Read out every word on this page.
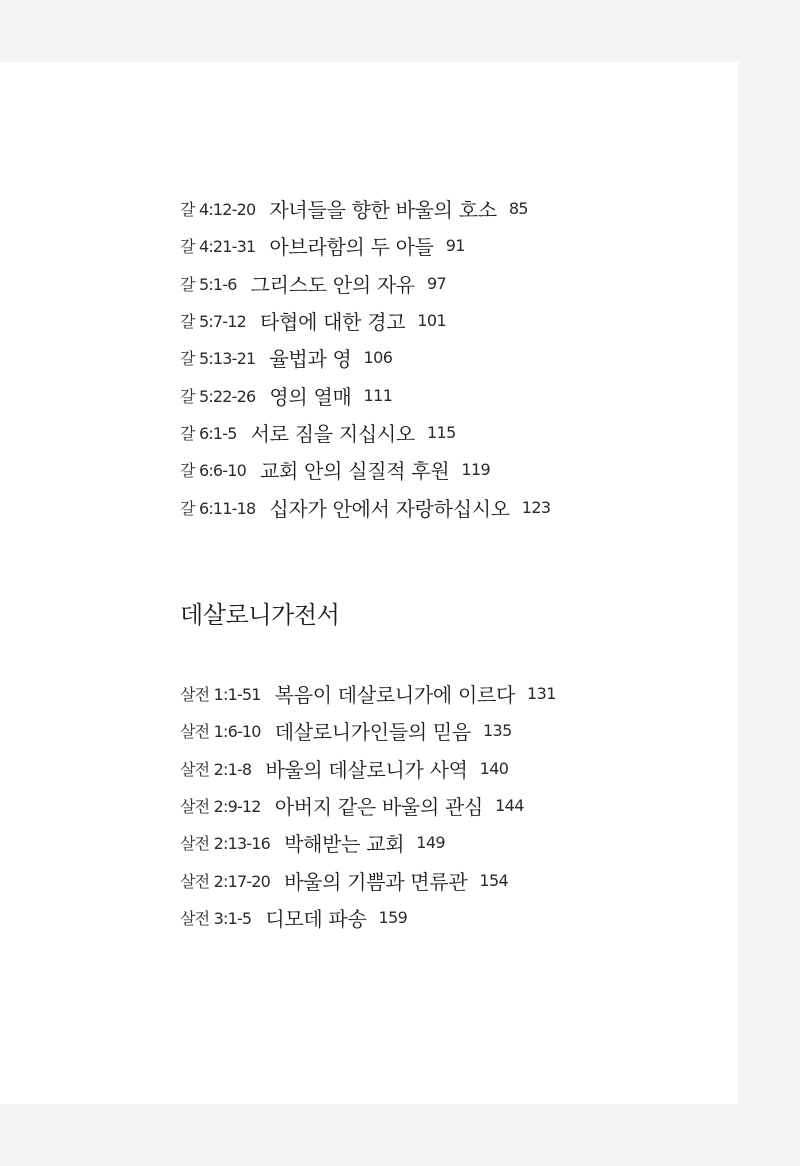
갈 4:12-20 자녀들을 향한 바울의 호소 85
갈 4:21-31 아브라함의 두 아들 91
갈 5:1-6 그리스도 안의 자유 97
갈 5:7-12 타협에 대한 경고 101
갈 5:13-21 율법과 영 106
갈 5:22-26 영의 열매 111
갈 6:1-5 서로 짐을 지십시오 115
갈 6:6-10 교회 안의 실질적 후원 119
갈 6:11-18 십자가 안에서 자랑하십시오 123
데살로니가전서
살전 1:1-51 복음이 데살로니가에 이르다 131
살전 1:6-10 데살로니가인들의 믿음 135
살전 2:1-8 바울의 데살로니가 사역 140
살전 2:9-12 아버지 같은 바울의 관심 144
살전 2:13-16 박해받는 교회 149
살전 2:17-20 바울의 기쁨과 면류관 154
살전 3:1-5 디모데 파송 159
